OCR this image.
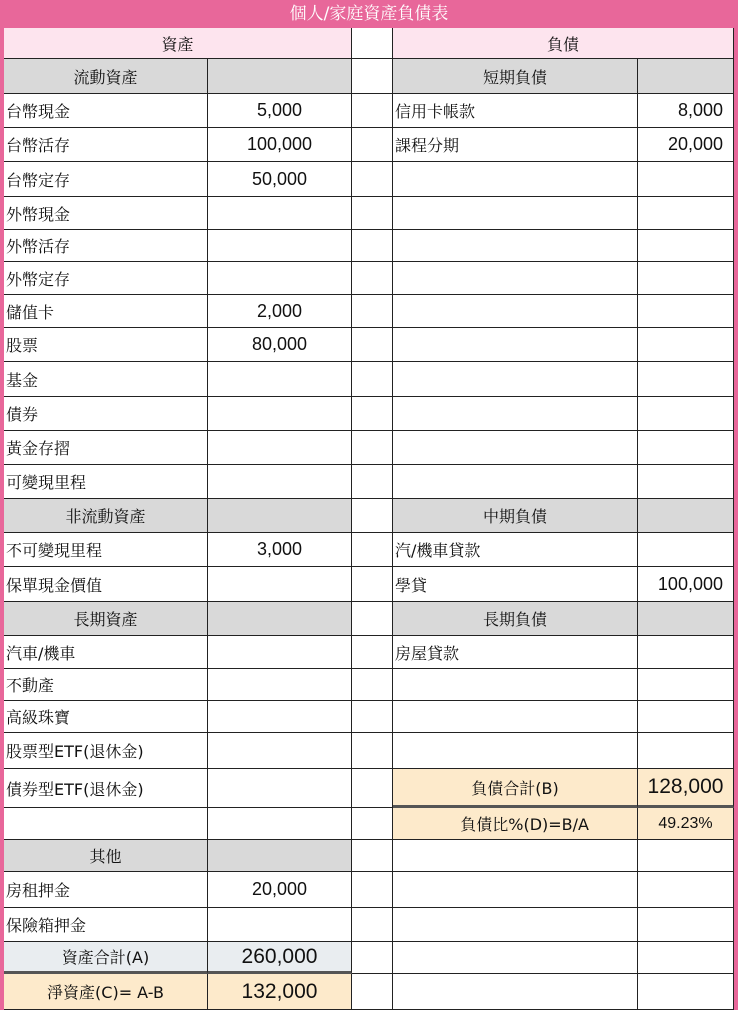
個人/家庭資產負債表
資產	負債
流動資產
台幣現金	5,000
台幣活存	100,000
台幣定存	50,000
外幣現金
外幣活存
外幣定存
儲值卡	2,000
股票	80,000
基金
債券
黃金存摺
可變現里程
非流動資產
不可變現里程	3,000
保單現金價值
長期資產
汽車/機車
不動產
高級珠寶
股票型ETF(退休金)
債券型ETF(退休金)
其他
房租押金	20,000
保險箱押金
資產合計(A)	260,000
淨資產(C)= A-B	132,000
短期負債
信用卡帳款	8,000
課程分期	20,000
中期負債
汽/機車貸款
學貸	100,000
長期負債
房屋貸款
負債合計(B)	128,000
負債比%(D)=B/A	49.23%
